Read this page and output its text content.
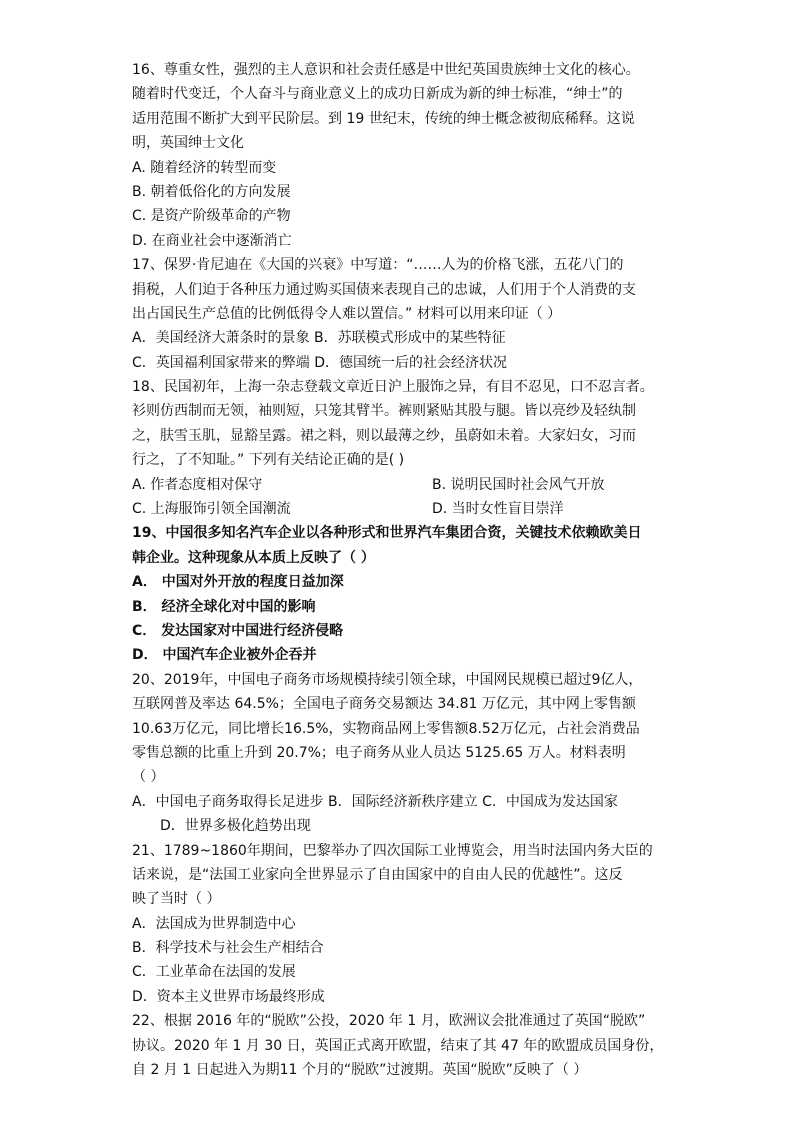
16、尊重女性，强烈的主人意识和社会责任感是中世纪英国贵族绅士文化的核心。
随着时代变迁，个人奋斗与商业意义上的成功日新成为新的绅士标准，“绅士”的
适用范围不断扩大到平民阶层。到 19 世纪末，传统的绅士概念被彻底稀释。这说
明，英国绅士文化
A. 随着经济的转型而变
B. 朝着低俗化的方向发展
C. 是资产阶级革命的产物
D. 在商业社会中逐渐消亡
17、保罗·肯尼迪在《大国的兴衰》中写道：“……人为的价格飞涨，五花八门的
捐税，人们迫于各种压力通过购买国债来表现自己的忠诚，人们用于个人消费的支
出占国民生产总值的比例低得令人难以置信。” 材料可以用来印证（ ）
A．美国经济大萧条时的景象 B．苏联模式形成中的某些特征
C．英国福利国家带来的弊端 D．德国统一后的社会经济状况
18、民国初年，上海一杂志登载文章近日沪上服饰之异，有目不忍见，口不忍言者。
衫则仿西制而无领，袖则短，只笼其臂半。裤则紧贴其股与腿。皆以亮纱及轻纨制
之，肤雪玉肌，显豁呈露。裙之料，则以最薄之纱，虽蔚如未着。大家妇女，习而
行之，了不知耻。” 下列有关结论正确的是( )
A. 作者态度相对保守	B. 说明民国时社会风气开放
C. 上海服饰引领全国潮流	D. 当时女性盲目崇洋
19、中国很多知名汽车企业以各种形式和世界汽车集团合资，关键技术依赖欧美日
韩企业。这种现象从本质上反映了（ ）
A． 中国对外开放的程度日益加深
B． 经济全球化对中国的影响
C． 发达国家对中国进行经济侵略
D． 中国汽车企业被外企吞并
20、2019年，中国电子商务市场规模持续引领全球，中国网民规模已超过9亿人，
互联网普及率达 64.5%；全国电子商务交易额达 34.81 万亿元，其中网上零售额
10.63万亿元，同比增长16.5%，实物商品网上零售额8.52万亿元，占社会消费品
零售总额的比重上升到 20.7%；电子商务从业人员达 5125.65 万人。材料表明
（ ）
A．中国电子商务取得长足进步 B．国际经济新秩序建立 C．中国成为发达国家
D．世界多极化趋势出现
21、1789~1860年期间，巴黎举办了四次国际工业博览会，用当时法国内务大臣的
话来说，是“法国工业家向全世界显示了自由国家中的自由人民的优越性”。这反
映了当时（ ）
A．法国成为世界制造中心
B．科学技术与社会生产相结合
C．工业革命在法国的发展
D．资本主义世界市场最终形成
22、根据 2016 年的“脱欧”公投，2020 年 1 月，欧洲议会批准通过了英国“脱欧”
协议。2020 年 1 月 30 日，英国正式离开欧盟，结束了其 47 年的欧盟成员国身份，
自 2 月 1 日起进入为期11 个月的“脱欧”过渡期。英国“脱欧”反映了（ ）
